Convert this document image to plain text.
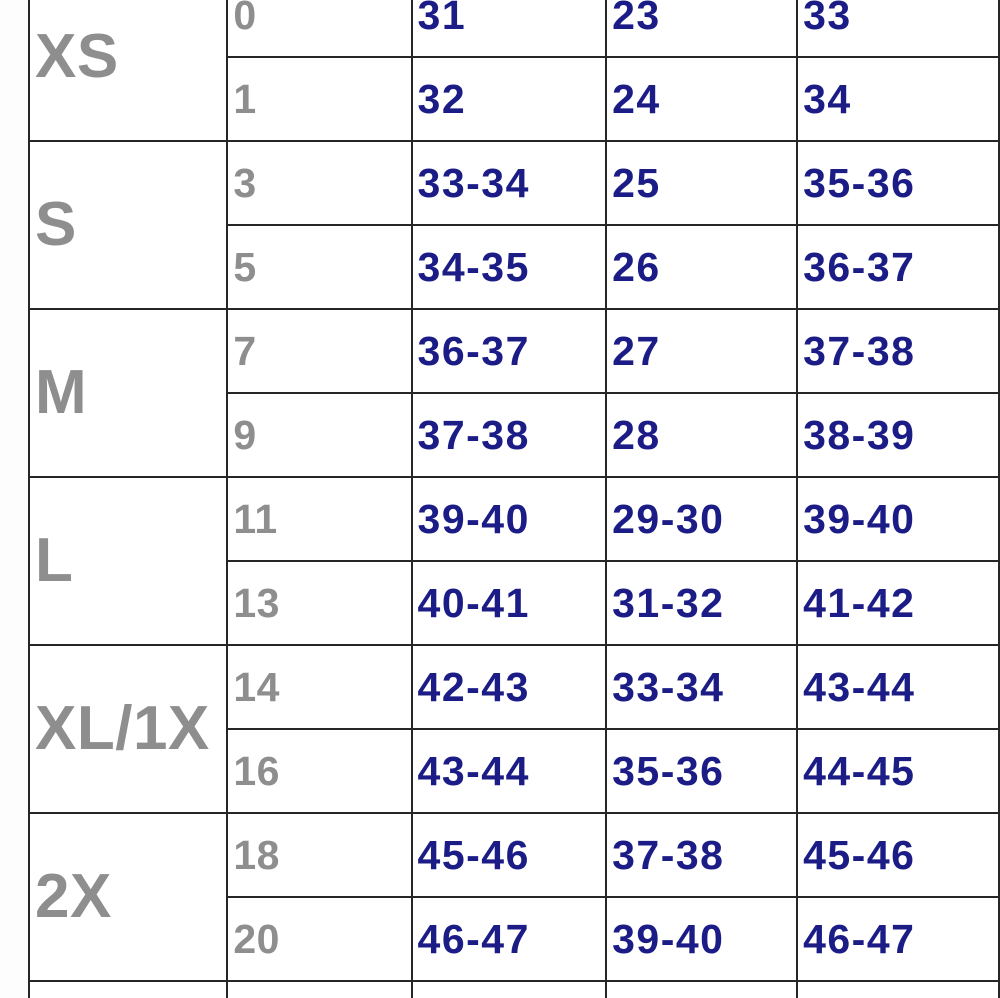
XS	0	31	23	33
	1	32	24	34
S	3	33-34	25	35-36
	5	34-35	26	36-37
M	7	36-37	27	37-38
	9	37-38	28	38-39
L	11	39-40	29-30	39-40
	13	40-41	31-32	41-42
XL/1X	14	42-43	33-34	43-44
	16	43-44	35-36	44-45
2X	18	45-46	37-38	45-46
	20	46-47	39-40	46-47
